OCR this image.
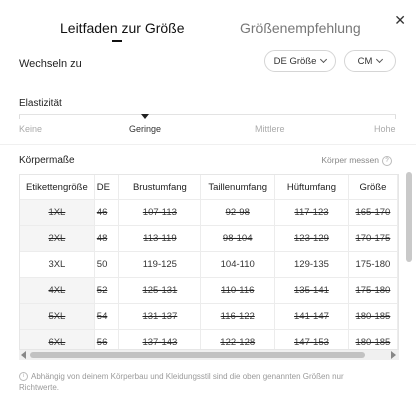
Leitfaden zur Größe	Größenempfehlung ✕
Wechseln zu	DE Größe	CM
Elastizität
Keine	Geringe	Mittlere	Hohe
Körpermaße	Körper messen ?
Etikettengröße	DE	Brustumfang	Taillenumfang	Hüftumfang	Größe
1XL	46	107-113	92-98	117-123	165-170
2XL	48	113-119	98-104	123-129	170-175
3XL	50	119-125	104-110	129-135	175-180
4XL	52	125-131	110-116	135-141	175-180
5XL	54	131-137	116-122	141-147	180-185
6XL	56	137-143	122-128	147-153	180-185
i Abhängig von deinem Körperbau und Kleidungsstil sind die oben genannten Größen nur Richtwerte.
